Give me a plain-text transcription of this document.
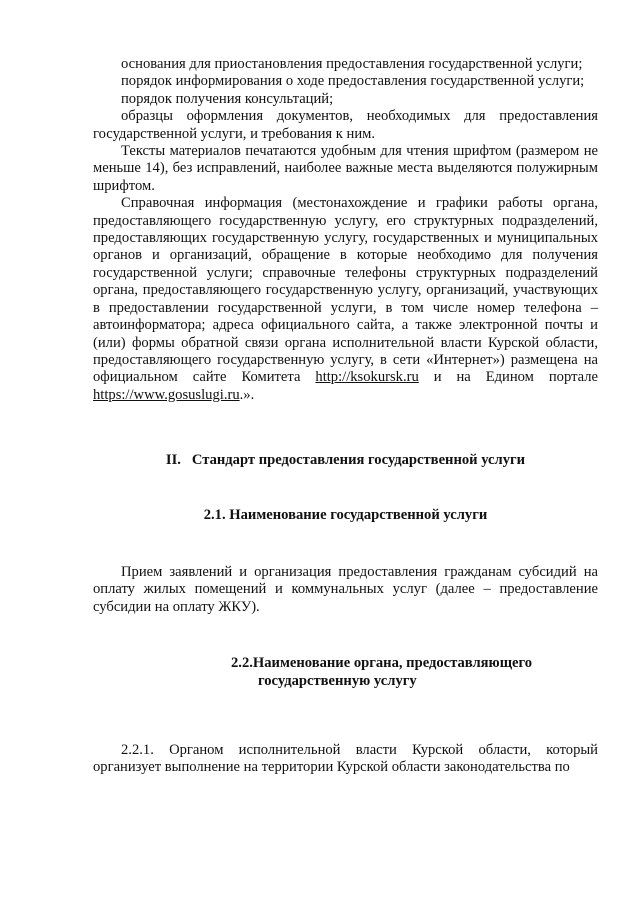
основания для приостановления предоставления государственной услуги;

порядок информирования о ходе предоставления государственной услуги;

порядок получения консультаций;

образцы оформления документов, необходимых для предоставления государственной услуги, и требования к ним.

Тексты материалов печатаются удобным для чтения шрифтом (размером не меньше 14), без исправлений, наиболее важные места выделяются полужирным шрифтом.

Справочная информация (местонахождение и графики работы органа, предоставляющего государственную услугу, его структурных подразделений, предоставляющих государственную услугу, государственных и муниципальных органов и организаций, обращение в которые необходимо для получения государственной услуги; справочные телефоны структурных подразделений органа, предоставляющего государственную услугу, организаций, участвующих в предоставлении государственной услуги, в том числе номер телефона – автоинформатора; адреса официального сайта, а также электронной почты и (или) формы обратной связи органа исполнительной власти Курской области, предоставляющего государственную услугу, в сети «Интернет») размещена на официальном сайте Комитета http://ksokursk.ru и на Едином портале https://www.gosuslugi.ru.».

II.   Стандарт предоставления государственной услуги

2.1. Наименование государственной услуги

Прием заявлений и организация предоставления гражданам субсидий на оплату жилых помещений и коммунальных услуг (далее – предоставление субсидии на оплату ЖКУ).

2.2.Наименование органа, предоставляющего
государственную услугу

2.2.1. Органом исполнительной власти Курской области, который организует выполнение на территории Курской области законодательства по
